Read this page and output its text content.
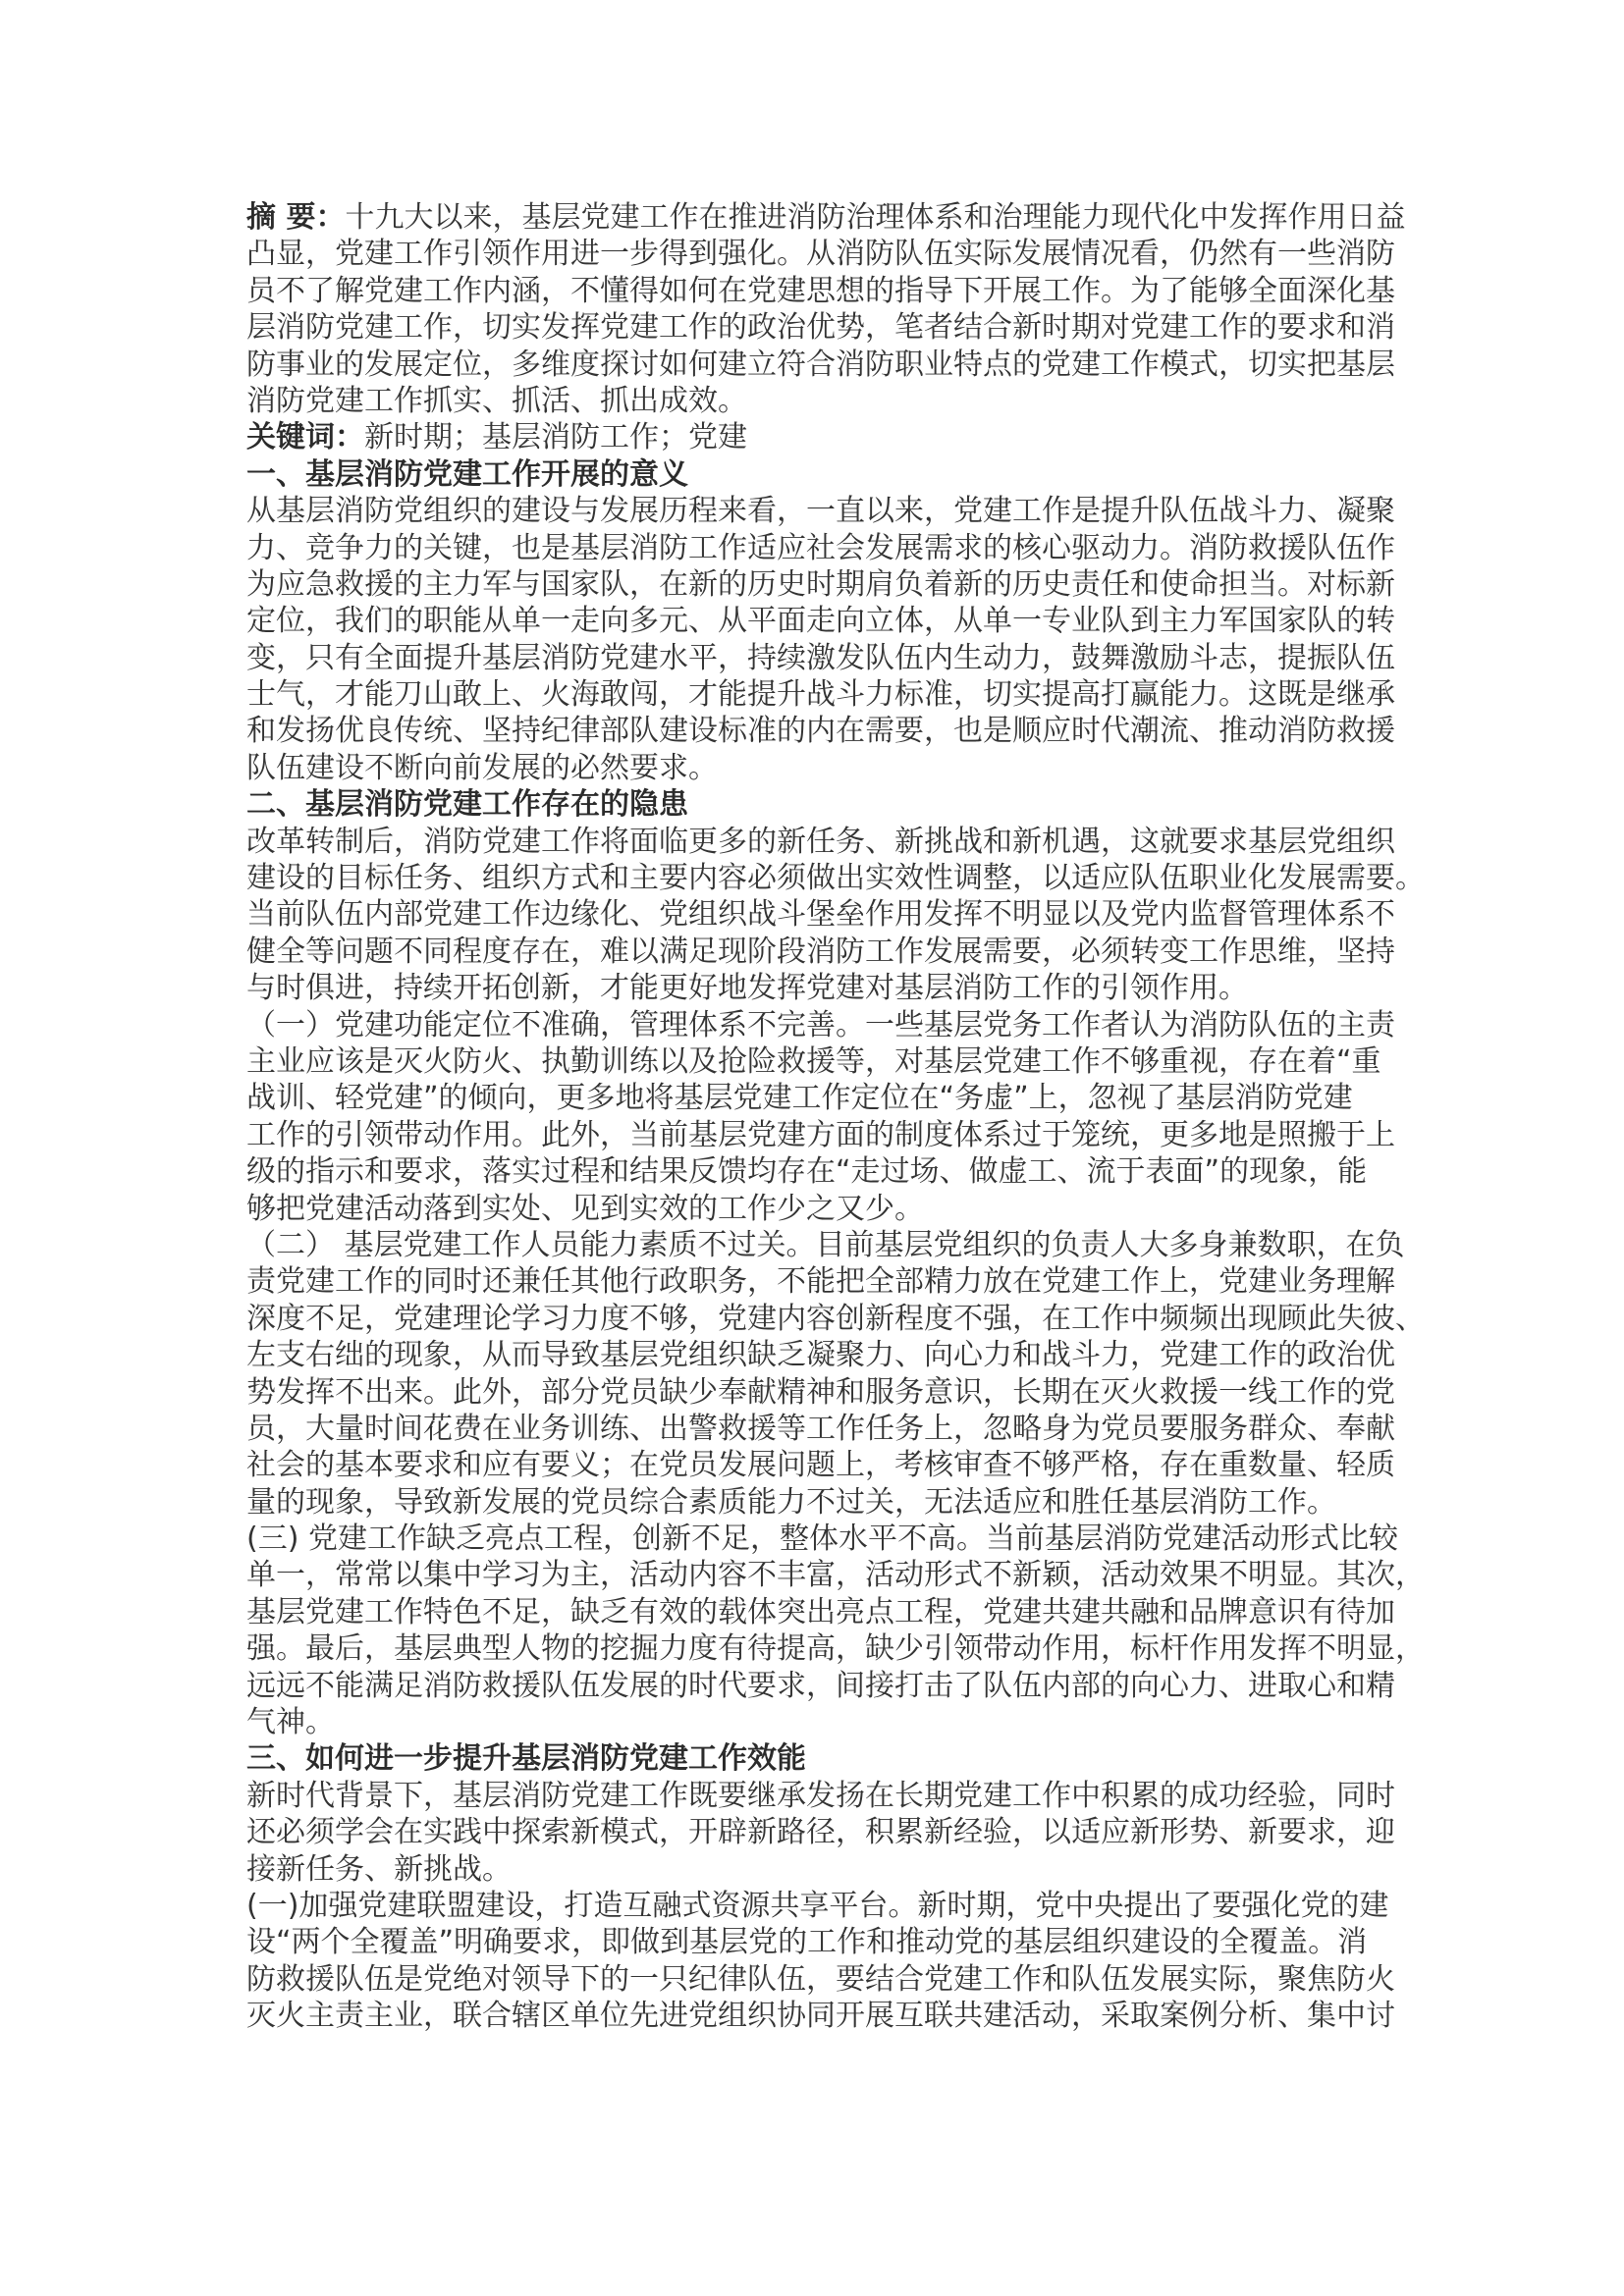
摘 要：十九大以来，基层党建工作在推进消防治理体系和治理能力现代化中发挥作用日益
凸显，党建工作引领作用进一步得到强化。从消防队伍实际发展情况看，仍然有一些消防
员不了解党建工作内涵，不懂得如何在党建思想的指导下开展工作。为了能够全面深化基
层消防党建工作，切实发挥党建工作的政治优势，笔者结合新时期对党建工作的要求和消
防事业的发展定位，多维度探讨如何建立符合消防职业特点的党建工作模式，切实把基层
消防党建工作抓实、抓活、抓出成效。
关键词：新时期；基层消防工作；党建
一、基层消防党建工作开展的意义
从基层消防党组织的建设与发展历程来看，一直以来，党建工作是提升队伍战斗力、凝聚
力、竞争力的关键，也是基层消防工作适应社会发展需求的核心驱动力。消防救援队伍作
为应急救援的主力军与国家队，在新的历史时期肩负着新的历史责任和使命担当。对标新
定位，我们的职能从单一走向多元、从平面走向立体，从单一专业队到主力军国家队的转
变，只有全面提升基层消防党建水平，持续激发队伍内生动力，鼓舞激励斗志，提振队伍
士气，才能刀山敢上、火海敢闯，才能提升战斗力标准，切实提高打赢能力。这既是继承
和发扬优良传统、坚持纪律部队建设标准的内在需要，也是顺应时代潮流、推动消防救援
队伍建设不断向前发展的必然要求。
二、基层消防党建工作存在的隐患
改革转制后，消防党建工作将面临更多的新任务、新挑战和新机遇，这就要求基层党组织
建设的目标任务、组织方式和主要内容必须做出实效性调整，以适应队伍职业化发展需要。
当前队伍内部党建工作边缘化、党组织战斗堡垒作用发挥不明显以及党内监督管理体系不
健全等问题不同程度存在，难以满足现阶段消防工作发展需要，必须转变工作思维，坚持
与时俱进，持续开拓创新，才能更好地发挥党建对基层消防工作的引领作用。
（一）党建功能定位不准确，管理体系不完善。一些基层党务工作者认为消防队伍的主责
主业应该是灭火防火、执勤训练以及抢险救援等，对基层党建工作不够重视，存在着“重
战训、轻党建”的倾向，更多地将基层党建工作定位在“务虚”上，忽视了基层消防党建
工作的引领带动作用。此外，当前基层党建方面的制度体系过于笼统，更多地是照搬于上
级的指示和要求，落实过程和结果反馈均存在“走过场、做虚工、流于表面”的现象，能
够把党建活动落到实处、见到实效的工作少之又少。
（二） 基层党建工作人员能力素质不过关。目前基层党组织的负责人大多身兼数职，在负
责党建工作的同时还兼任其他行政职务，不能把全部精力放在党建工作上，党建业务理解
深度不足，党建理论学习力度不够，党建内容创新程度不强，在工作中频频出现顾此失彼、
左支右绌的现象，从而导致基层党组织缺乏凝聚力、向心力和战斗力，党建工作的政治优
势发挥不出来。此外，部分党员缺少奉献精神和服务意识，长期在灭火救援一线工作的党
员，大量时间花费在业务训练、出警救援等工作任务上，忽略身为党员要服务群众、奉献
社会的基本要求和应有要义；在党员发展问题上，考核审查不够严格，存在重数量、轻质
量的现象，导致新发展的党员综合素质能力不过关，无法适应和胜任基层消防工作。
(三) 党建工作缺乏亮点工程，创新不足，整体水平不高。当前基层消防党建活动形式比较
单一，常常以集中学习为主，活动内容不丰富，活动形式不新颖，活动效果不明显。其次，
基层党建工作特色不足，缺乏有效的载体突出亮点工程，党建共建共融和品牌意识有待加
强。最后，基层典型人物的挖掘力度有待提高，缺少引领带动作用，标杆作用发挥不明显，
远远不能满足消防救援队伍发展的时代要求，间接打击了队伍内部的向心力、进取心和精
气神。
三、如何进一步提升基层消防党建工作效能
新时代背景下，基层消防党建工作既要继承发扬在长期党建工作中积累的成功经验，同时
还必须学会在实践中探索新模式，开辟新路径，积累新经验，以适应新形势、新要求，迎
接新任务、新挑战。
(一)加强党建联盟建设，打造互融式资源共享平台。新时期，党中央提出了要强化党的建
设“两个全覆盖”明确要求，即做到基层党的工作和推动党的基层组织建设的全覆盖。消
防救援队伍是党绝对领导下的一只纪律队伍，要结合党建工作和队伍发展实际，聚焦防火
灭火主责主业，联合辖区单位先进党组织协同开展互联共建活动，采取案例分析、集中讨
